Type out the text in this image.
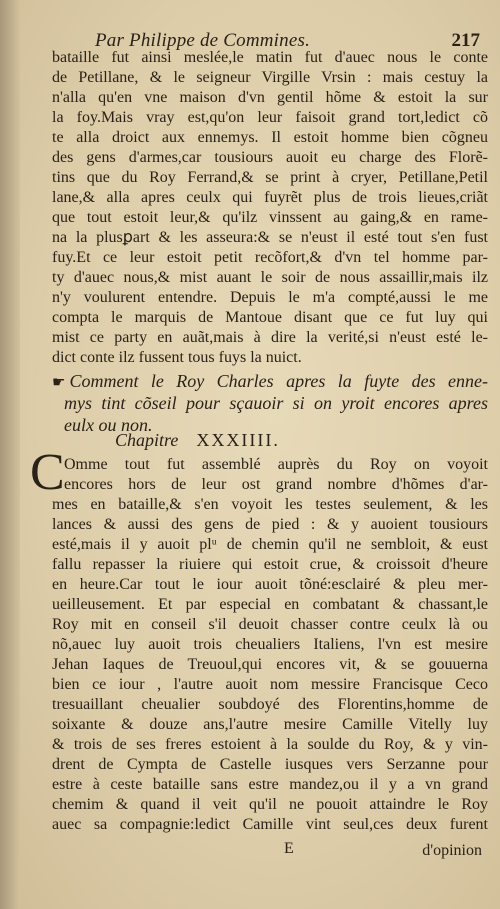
Par Philippe de Commines.	217
bataille fut ainsi meslée,le matin fut d'auec nous le conte
de Petillane, & le seigneur Virgille Vrsin : mais cestuy la
n'alla qu'en vne maison d'vn gentil hõme & estoit la sur
la foy.Mais vray est,qu'on leur faisoit grand tort,ledict cõ
te alla droict aux ennemys. Il estoit homme bien cõgneu
des gens d'armes,car tousiours auoit eu charge des Florẽ-
tins que du Roy Ferrand,& se print à cryer, Petillane,Petil
lane,& alla apres ceulx qui fuyrẽt plus de trois lieues,criãt
que tout estoit leur,& qu'ilz vinssent au gaing,& en rame-
na la plusꝑart & les asseura:& se n'eust il esté tout s'en fust
fuy.Et ce leur estoit petit recõfort,& d'vn tel homme par-
ty d'auec nous,& mist auant le soir de nous assaillir,mais ilz
n'y voulurent entendre. Depuis le m'a compté,aussi le me
compta le marquis de Mantoue disant que ce fut luy qui
mist ce party en auãt,mais à dire la verité,si n'eust esté le-
dict conte ilz fussent tous fuys la nuict.
☛ Comment le Roy Charles apres la fuyte des enne-
mys tint cõseil pour sçauoir si on yroit encores apres
eulx ou non.
Chapitre XXXIIII.
C Omme tout fut assemblé auprès du Roy on voyoit
encores hors de leur ost grand nombre d'hõmes d'ar-
mes en bataille,& s'en voyoit les testes seulement, & les
lances & aussi des gens de pied : & y auoient tousiours
esté,mais il y auoit plᵘ de chemin qu'il ne sembloit, & eust
fallu repasser la riuiere qui estoit crue, & croissoit d'heure
en heure.Car tout le iour auoit tõné:esclairé & pleu mer-
ueilleusement. Et par especial en combatant & chassant,le
Roy mit en conseil s'il deuoit chasser contre ceulx là ou
nõ,auec luy auoit trois cheualiers Italiens, l'vn est mesire
Jehan Iaques de Treuoul,qui encores vit, & se gouuerna
bien ce iour , l'autre auoit nom messire Francisque Ceco
tresuaillant cheualier soubdoyé des Florentins,homme de
soixante & douze ans,l'autre mesire Camille Vitelly luy
& trois de ses freres estoient à la soulde du Roy, & y vin-
drent de Cympta de Castelle iusques vers Serzanne pour
estre à ceste bataille sans estre mandez,ou il y a vn grand
chemim & quand il veit qu'il ne pouoit attaindre le Roy
auec sa compagnie:ledict Camille vint seul,ces deux furent
E	d'opinion
